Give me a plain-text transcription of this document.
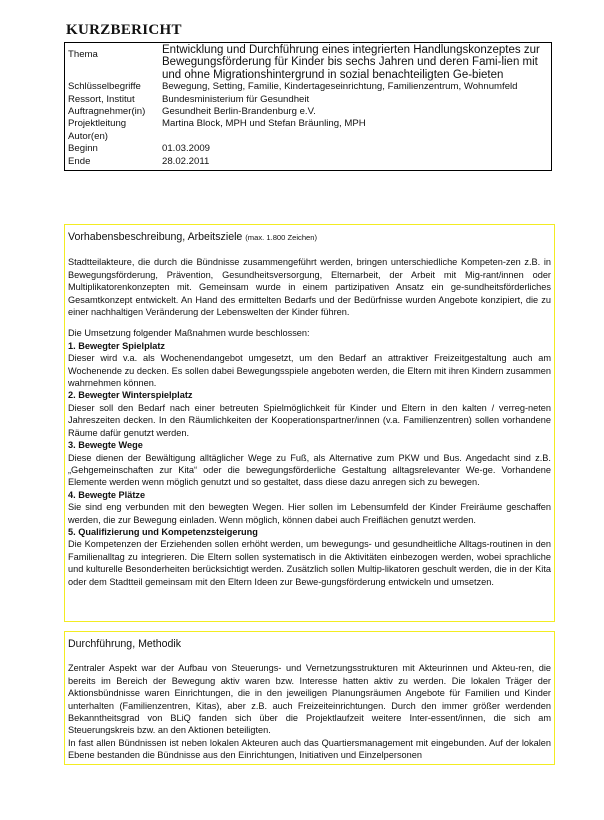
KURZBERICHT
Thema	Entwicklung und Durchführung eines integrierten Handlungskonzeptes zur Bewegungsförderung für Kinder bis sechs Jahren und deren Fami-lien mit und ohne Migrationshintergrund in sozial benachteiligten Ge-bieten
Schlüsselbegriffe	Bewegung, Setting, Familie, Kindertageseinrichtung, Familienzentrum, Wohnumfeld
Ressort, Institut	Bundesministerium für Gesundheit
Auftragnehmer(in)	Gesundheit Berlin-Brandenburg e.V.
Projektleitung	Martina Block, MPH und Stefan Bräunling, MPH
Autor(en)	
Beginn	01.03.2009
Ende	28.02.2011

Vorhabensbeschreibung, Arbeitsziele (max. 1.800 Zeichen)

Stadtteilakteure, die durch die Bündnisse zusammengeführt werden, bringen unterschiedliche Kompeten-zen z.B. in Bewegungsförderung, Prävention, Gesundheitsversorgung, Elternarbeit, der Arbeit mit Mig-rant/innen oder Multiplikatorenkonzepten mit. Gemeinsam wurde in einem partizipativen Ansatz ein ge-sundheitsförderliches Gesamtkonzept entwickelt. An Hand des ermittelten Bedarfs und der Bedürfnisse wurden Angebote konzipiert, die zu einer nachhaltigen Veränderung der Lebenswelten der Kinder führen.

Die Umsetzung folgender Maßnahmen wurde beschlossen:

1. Bewegter Spielplatz

Dieser wird v.a. als Wochenendangebot umgesetzt, um den Bedarf an attraktiver Freizeitgestaltung auch am Wochenende zu decken. Es sollen dabei Bewegungsspiele angeboten werden, die Eltern mit ihren Kindern zusammen wahrnehmen können.

2. Bewegter Winterspielplatz

Dieser soll den Bedarf nach einer betreuten Spielmöglichkeit für Kinder und Eltern in den kalten / verreg-neten Jahreszeiten decken. In den Räumlichkeiten der Kooperationspartner/innen (v.a. Familienzentren) sollen vorhandene Räume dafür genutzt werden.

3. Bewegte Wege

Diese dienen der Bewältigung alltäglicher Wege zu Fuß, als Alternative zum PKW und Bus. Angedacht sind z.B. „Gehgemeinschaften zur Kita“ oder die bewegungsförderliche Gestaltung alltagsrelevanter We-ge. Vorhandene Elemente werden wenn möglich genutzt und so gestaltet, dass diese dazu anregen sich zu bewegen.

4. Bewegte Plätze

Sie sind eng verbunden mit den bewegten Wegen. Hier sollen im Lebensumfeld der Kinder Freiräume geschaffen werden, die zur Bewegung einladen. Wenn möglich, können dabei auch Freiflächen genutzt werden.

5. Qualifizierung und Kompetenzsteigerung

Die Kompetenzen der Erziehenden sollen erhöht werden, um bewegungs- und gesundheitliche Alltags-routinen in den Familienalltag zu integrieren. Die Eltern sollen systematisch in die Aktivitäten einbezogen werden, wobei sprachliche und kulturelle Besonderheiten berücksichtigt werden. Zusätzlich sollen Multip-likatoren geschult werden, die in der Kita oder dem Stadtteil gemeinsam mit den Eltern Ideen zur Bewe-gungsförderung entwickeln und umsetzen.

Durchführung, Methodik

Zentraler Aspekt war der Aufbau von Steuerungs- und Vernetzungsstrukturen mit Akteurinnen und Akteu-ren, die bereits im Bereich der Bewegung aktiv waren bzw. Interesse hatten aktiv zu werden. Die lokalen Träger der Aktionsbündnisse waren Einrichtungen, die in den jeweiligen Planungsräumen Angebote für Familien und Kinder unterhalten (Familienzentren, Kitas), aber z.B. auch Freizeiteinrichtungen. Durch den immer größer werdenden Bekanntheitsgrad von BLiQ fanden sich über die Projektlaufzeit weitere Inter-essent/innen, die sich am Steuerungskreis bzw. an den Aktionen beteiligten.

In fast allen Bündnissen ist neben lokalen Akteuren auch das Quartiersmanagement mit eingebunden. Auf der lokalen Ebene bestanden die Bündnisse aus den Einrichtungen, Initiativen und Einzelpersonen
